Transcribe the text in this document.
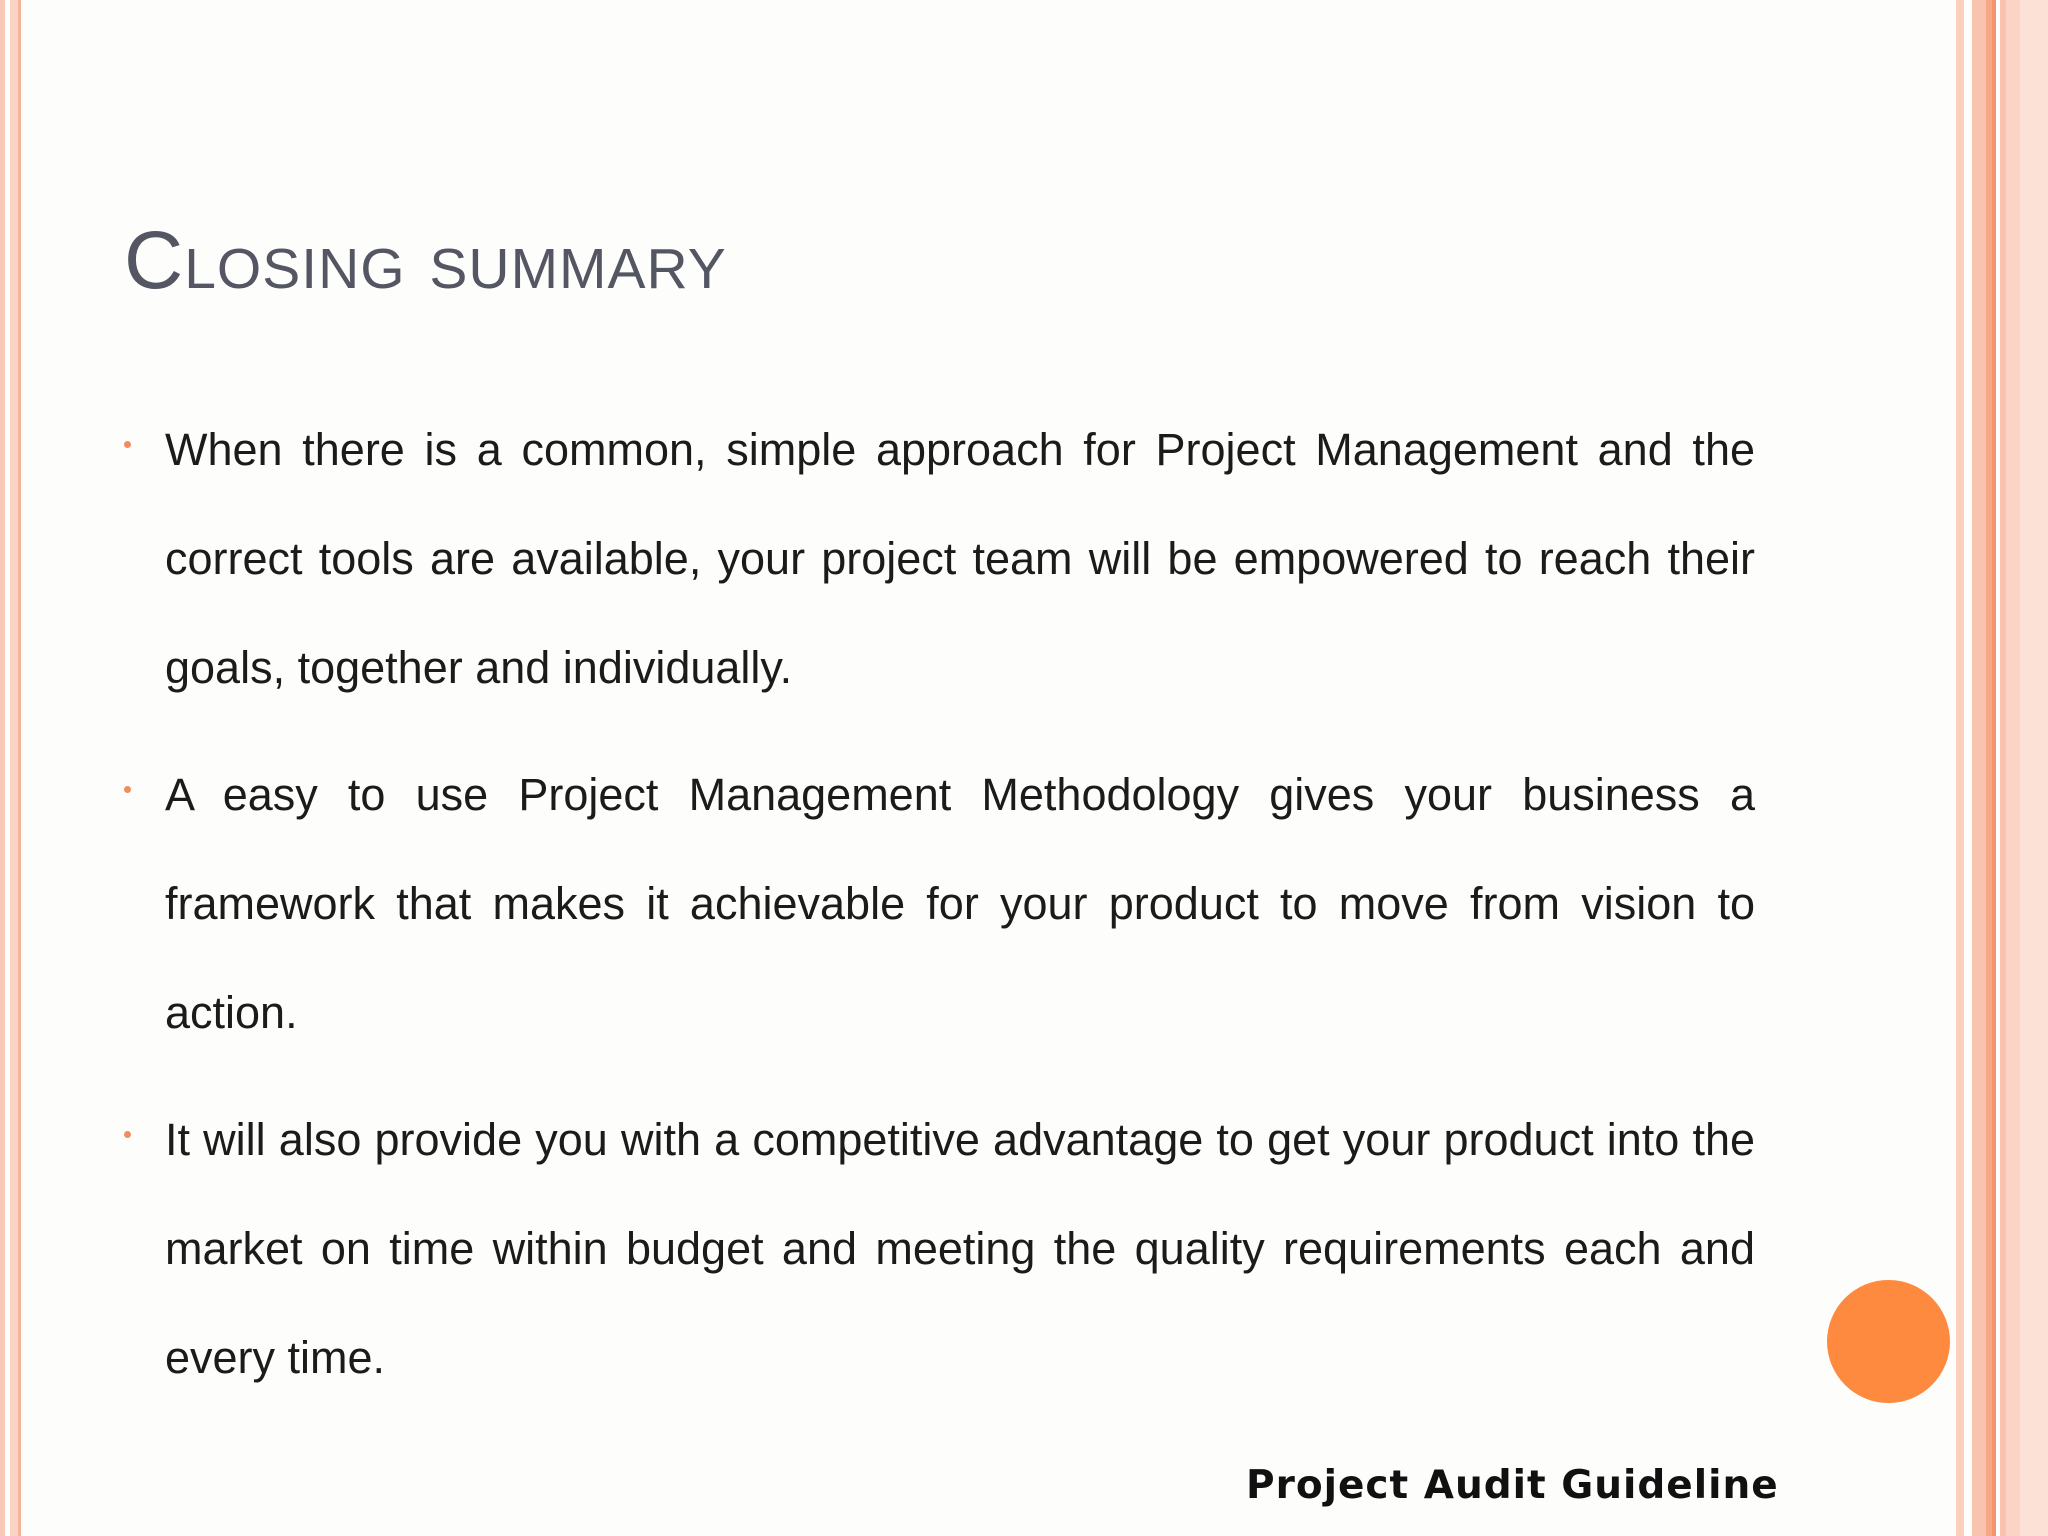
Closing summary

When there is a common, simple approach for Project Management and the correct tools are available, your project team will be empowered to reach their goals, together and individually.

A easy to use Project Management Methodology gives your business a framework that makes it achievable for your product to move from vision to action.

It will also provide you with a competitive advantage to get your product into the market on time within budget and meeting the quality requirements each and every time.

Project Audit Guideline
